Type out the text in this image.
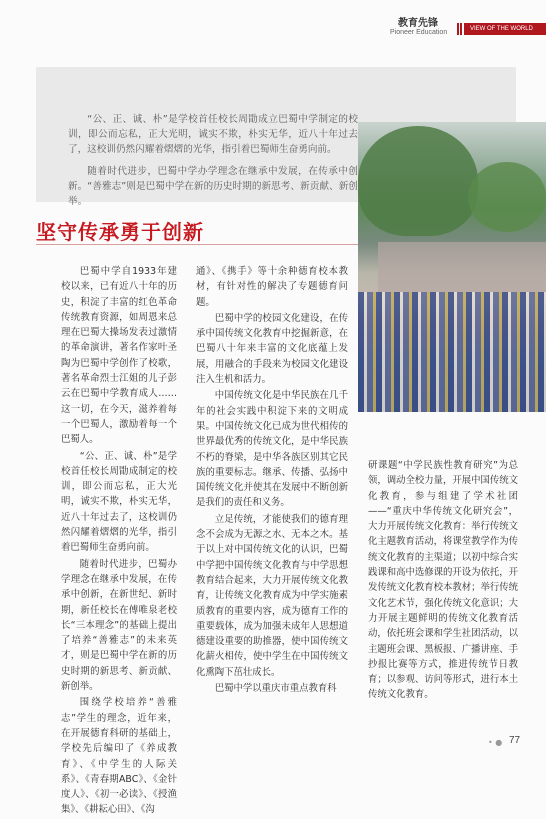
教育先锋
Pioneer Education	VIEW OF THE WORLD

“公、正、诚、朴”是学校首任校长周勖成立巴蜀中学制定的校训，即公而忘私，正大光明，诚实不欺，朴实无华，近八十年过去了，这校训仍然闪耀着熠熠的光华，指引着巴蜀师生奋勇向前。

随着时代进步，巴蜀中学办学理念在继承中发展，在传承中创新。“善雅志”则是巴蜀中学在新的历史时期的新思考、新贡献、新创举。

坚守传承勇于创新

巴蜀中学自1933年建校以来，已有近八十年的历史，积淀了丰富的红色革命传统教育资源，如周恩来总理在巴蜀大操场发表过激情的革命演讲，著名作家叶圣陶为巴蜀中学创作了校歌，著名革命烈士江姐的儿子彭云在巴蜀中学教育成人……这一切，在今天，滋养着每一个巴蜀人，激励着每一个巴蜀人。

“公、正、诚、朴”是学校首任校长周勖成制定的校训，即公而忘私，正大光明，诚实不欺，朴实无华，近八十年过去了，这校训仍然闪耀着熠熠的光华，指引着巴蜀师生奋勇向前。

随着时代进步，巴蜀办学理念在继承中发展，在传承中创新，在新世纪、新时期，新任校长在傅唯泉老校长“三本理念”的基础上提出了培养“善雅志”的未来英才，则是巴蜀中学在新的历史时期的新思考、新贡献、新创举。

围绕学校培养“善雅志”学生的理念，近年来，在开展德育科研的基础上，学校先后编印了《养成教育》、《中学生的人际关系》、《青春期ABC》、《金针度人》、《初一必读》、《授渔集》、《耕耘心田》、《沟

通》、《携手》等十余种德育校本教材，有针对性的解决了专题德育问题。

巴蜀中学的校园文化建设，在传承中国传统文化教育中挖掘新意，在巴蜀八十年来丰富的文化底蕴上发展，用融合的手段来为校园文化建设注入生机和活力。

中国传统文化是中华民族在几千年的社会实践中积淀下来的文明成果。中国传统文化已成为世代相传的世界最优秀的传统文化，是中华民族不朽的脊梁，是中华各族区别其它民族的重要标志。继承、传播、弘扬中国传统文化并使其在发展中不断创新是我们的责任和义务。

立足传统，才能使我们的德育理念不会成为无源之水、无本之木。基于以上对中国传统文化的认识，巴蜀中学把中国传统文化教育与中学思想教育结合起来，大力开展传统文化教育，让传统文化教育成为中学实施素质教育的重要内容，成为德育工作的重要载体，成为加强未成年人思想道德建设重要的助推器，使中国传统文化薪火相传，使中学生在中国传统文化熏陶下茁壮成长。

巴蜀中学以重庆市重点教育科

研课题“中学民族性教育研究”为总领，调动全校力量，开展中国传统文化教育，参与组建了学术社团——“重庆中华传统文化研究会”，大力开展传统文化教育：举行传统文化主题教育活动，将课堂教学作为传统文化教育的主渠道；以初中综合实践课和高中选修课的开设为依托，开发传统文化教育校本教材；举行传统文化艺术节，强化传统文化意识；大力开展主题鲜明的传统文化教育活动，依托班会课和学生社团活动，以主题班会课、黑板报、广播讲座、手抄报比赛等方式，推进传统节日教育；以参观、访问等形式，进行本土传统文化教育。

• ● 77
